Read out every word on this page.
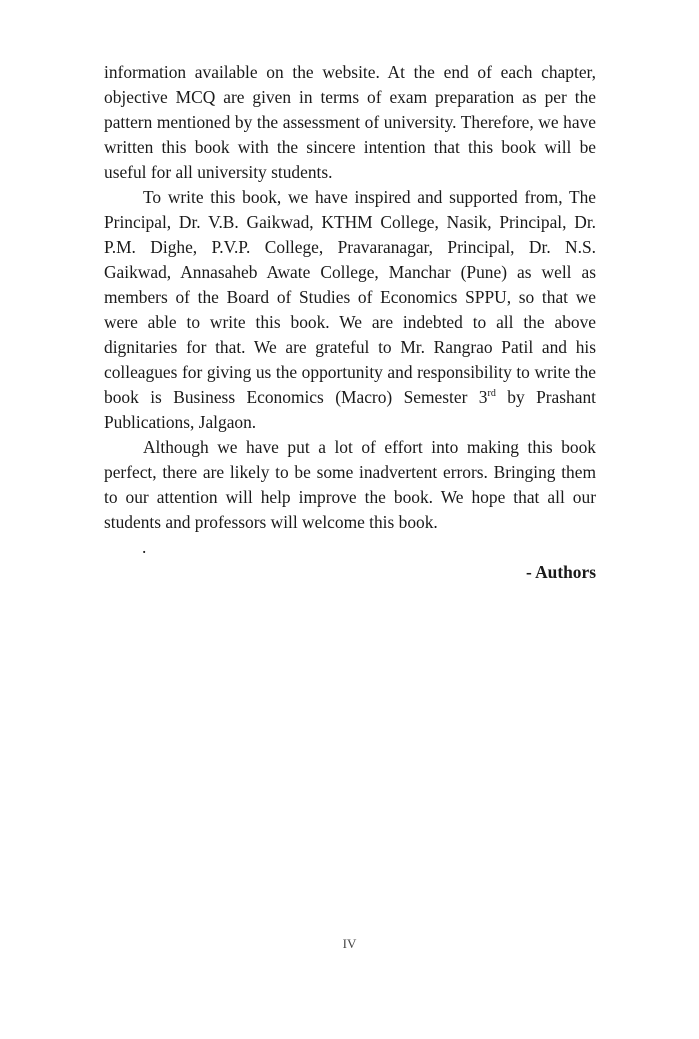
information available on the website. At the end of each chapter, objective MCQ are given in terms of exam preparation as per the pattern mentioned by the assessment of university. Therefore, we have written this book with the sincere intention that this book will be useful for all university students.

To write this book, we have inspired and supported from, The Principal, Dr. V.B. Gaikwad, KTHM College, Nasik, Principal, Dr. P.M. Dighe, P.V.P. College, Pravaranagar, Principal, Dr. N.S. Gaikwad, Annasaheb Awate College, Manchar (Pune) as well as members of the Board of Studies of Economics SPPU, so that we were able to write this book. We are indebted to all the above dignitaries for that. We are grateful to Mr. Rangrao Patil and his colleagues for giving us the opportunity and responsibility to write the book is Business Economics (Macro) Semester 3rd by Prashant Publications, Jalgaon.

Although we have put a lot of effort into making this book perfect, there are likely to be some inadvertent errors. Bringing them to our attention will help improve the book. We hope that all our students and professors will welcome this book.

.

- Authors

IV
